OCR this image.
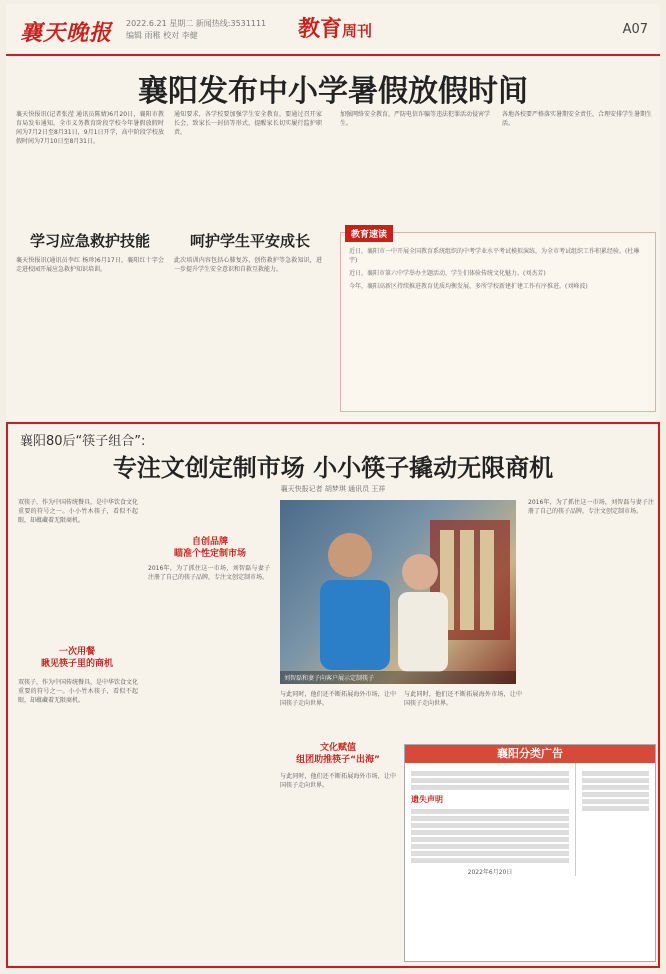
襄天晚报 2022.6.21 星期二 新闻热线:3531111
编辑 雨稚 校对 李健	教育周刊	A07
襄阳发布中小学暑假放假时间
襄天快报讯(记者张滢 通讯员陈婧)6月20日，襄阳市教育局发布通知，全市义务教育阶段学校今年暑假放假时间为7月2日至8月31日，9月1日开学，高中阶段学校放假时间为7月10日至8月31日。
通知要求，各学校要加强学生安全教育，要通过召开家长会、致家长一封信等形式，提醒家长切实履行监护职责。
加强网络安全教育，严防电信诈骗等违法犯罪活动侵害学生。
各地各校要严格落实暑期安全责任，合理安排学生暑期生活。
学习应急救护技能	呵护学生平安成长
襄天快报讯(通讯员李红 杨珍)6月17日，襄阳红十字会走进校园开展应急救护知识培训。
此次培训内容包括心肺复苏、创伤救护等急救知识，进一步提升学生安全意识和自救互救能力。
教育速读

近日，襄阳市一中开展全国教育系统组织的中考学业水平考试模拟演练，为全市考试组织工作积累经验。(杜琳宇)

近日，襄阳市第六中学举办主题活动，学生们体验传统文化魅力。(刘杰芳)

今年，襄阳高新区持续推进教育优质均衡发展，多所学校新建扩建工作有序推进。(刘峰波)

襄阳80后“筷子组合”:
专注文创定制市场 小小筷子撬动无限商机
襄天快报记者 胡梦琪 通讯员 王祥
双筷子，作为中国传统餐具，是中华饮食文化重要的符号之一。小小竹木筷子，看似不起眼，却蕴藏着无限商机。
一次用餐
瞅见筷子里的商机
双筷子，作为中国传统餐具，是中华饮食文化重要的符号之一。小小竹木筷子，看似不起眼，却蕴藏着无限商机。
自创品牌
瞄准个性定制市场
2016年，为了抓住这一市场，刘智磊与妻子注册了自己的筷子品牌，专注文创定制市场。
刘智磊和妻子向客户展示定制筷子
与此同时，他们还不断拓展海外市场，让中国筷子走向世界。
文化赋值
组团助推筷子“出海”
与此同时，他们还不断拓展海外市场，让中国筷子走向世界。
与此同时，他们还不断拓展海外市场，让中国筷子走向世界。
2016年，为了抓住这一市场，刘智磊与妻子注册了自己的筷子品牌，专注文创定制市场。
襄阳分类广告
遗失声明
2022年6月20日
